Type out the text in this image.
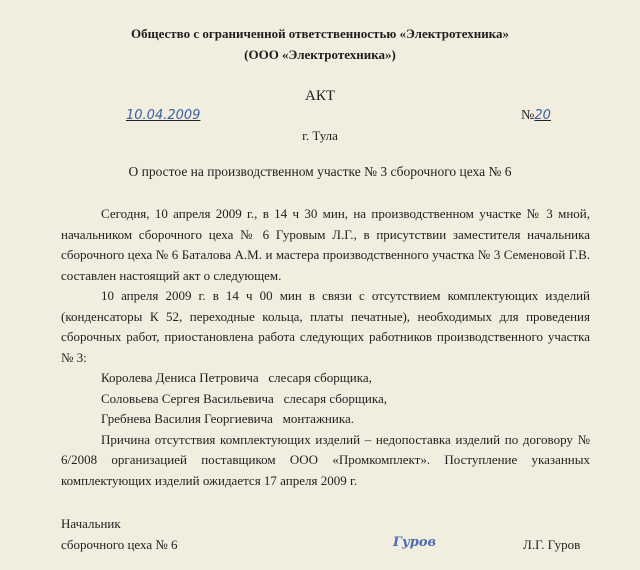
Общество с ограниченной ответственностью «Электротехника»
(ООО «Электротехника»)
АКТ
10.04.2009	№20
г. Тула
О простое на производственном участке № 3 сборочного цеха № 6

Сегодня, 10 апреля 2009 г., в 14 ч 30 мин, на производственном участке № 3 мной, начальником сборочного цеха № 6 Гуровым Л.Г., в присутствии заместителя начальника сборочного цеха № 6 Баталова А.М. и мастера производственного участка № 3 Семеновой Г.В. составлен настоящий акт о следующем.

10 апреля 2009 г. в 14 ч 00 мин в связи с отсутствием комплектующих изделий (конденсаторы К 52, переходные кольца, платы печатные), необходимых для проведения сборочных работ, приостановлена работа следующих работников производственного участка № 3:

Королева Дениса Петровича   слесаря сборщика,

Соловьева Сергея Васильевича   слесаря сборщика,

Гребнева Василия Георгиевича   монтажника.

Причина отсутствия комплектующих изделий – недопоставка изделий по договору № 6/2008 организацией поставщиком ООО «Промкомплект». Поступление указанных комплектующих изделий ожидается 17 апреля 2009 г.

Начальник
сборочного цеха № 6	Гуров	Л.Г. Гуров
